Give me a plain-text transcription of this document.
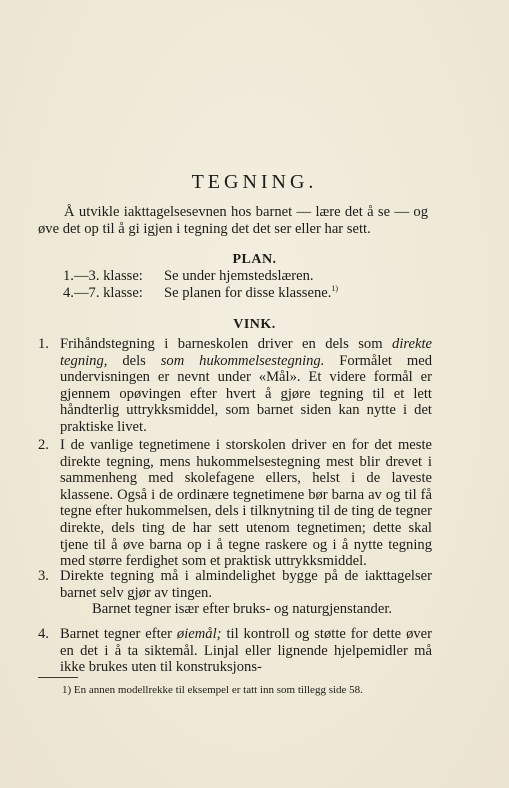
TEGNING.

Å utvikle iakttagelsesevnen hos barnet — lære det å se — og øve det op til å gi igjen i tegning det det ser eller har sett.

PLAN.
1.—3. klasse: Se under hjemstedslæren.
4.—7. klasse: Se planen for disse klassene.$^{1)}$
VINK.
1. Frihåndstegning i barneskolen driver en dels som direkte tegning, dels som hukommelsestegning. Formålet med undervisningen er nevnt under «Mål». Et videre formål er gjennem opøvingen efter hvert å gjøre tegning til et lett håndterlig uttrykksmiddel, som barnet siden kan nytte i det praktiske livet.
2. I de vanlige tegnetimene i storskolen driver en for det meste direkte tegning, mens hukommelsestegning mest blir drevet i sammenheng med skolefagene ellers, helst i de laveste klassene. Også i de ordinære tegnetimene bør barna av og til få tegne efter hukommelsen, dels i tilknytning til de ting de tegner direkte, dels ting de har sett utenom tegnetimen; dette skal tjene til å øve barna op i å tegne raskere og i å nytte tegning med større ferdighet som et praktisk uttrykksmiddel.
3. Direkte tegning må i almindelighet bygge på de iakttagelser barnet selv gjør av tingen.
Barnet tegner især efter bruks- og naturgjenstander.
4. Barnet tegner efter øiemål; til kontroll og støtte for dette øver en det i å ta siktemål. Linjal eller lignende hjelpemidler må ikke brukes uten til konstruksjons-
1) En annen modellrekke til eksempel er tatt inn som tillegg side 58.
